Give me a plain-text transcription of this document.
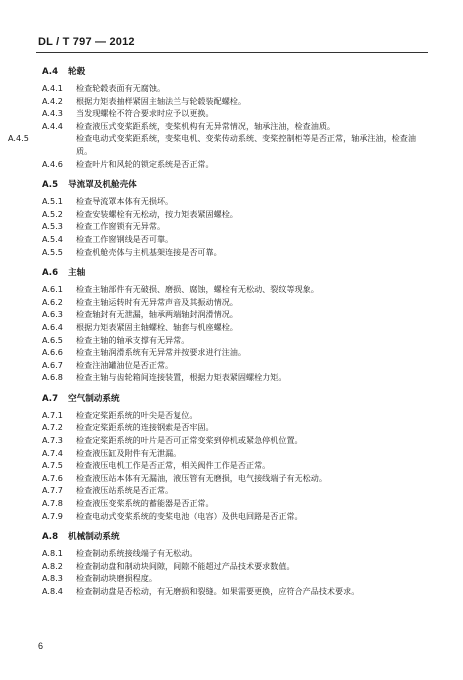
DL / T 797 — 2012
A.4 轮毂
A.4.1 检查轮毂表面有无腐蚀。
A.4.2 根据力矩表抽样紧固主轴法兰与轮毂装配螺栓。
A.4.3 当发现螺栓不符合要求时应予以更换。
A.4.4 检查液压式变桨距系统，变桨机构有无异常情况，轴承注油，检查油质。
A.4.5	检查电动式变桨距系统，变桨电机、变桨传动系统、变桨控制柜等是否正常，轴承注油，检查油质。
A.4.6 检查叶片和风轮的锁定系统是否正常。
A.5 导流罩及机舱壳体
A.5.1 检查导流罩本体有无损坏。
A.5.2 检查安装螺栓有无松动，按力矩表紧固螺栓。
A.5.3 检查工作窗锁有无异常。
A.5.4 检查工作窗钢线是否可靠。
A.5.5 检查机舱壳体与主机基架连接是否可靠。
A.6 主轴
A.6.1 检查主轴部件有无破损、磨损、腐蚀，螺栓有无松动、裂纹等现象。
A.6.2 检查主轴运转时有无异常声音及其振动情况。
A.6.3 检查轴封有无泄漏，轴承两端轴封润滑情况。
A.6.4 根据力矩表紧固主轴螺栓、轴套与机座螺栓。
A.6.5 检查主轴的轴承支撑有无异常。
A.6.6 检查主轴润滑系统有无异常并按要求进行注油。
A.6.7 检查注油罐油位是否正常。
A.6.8 检查主轴与齿轮箱间连接装置，根据力矩表紧固螺栓力矩。
A.7 空气制动系统
A.7.1 检查定桨距系统的叶尖是否复位。
A.7.2 检查定桨距系统的连接钢索是否牢固。
A.7.3 检查定桨距系统的叶片是否可正常变桨到停机或紧急停机位置。
A.7.4 检查液压缸及附件有无泄漏。
A.7.5 检查液压电机工作是否正常，相关阀件工作是否正常。
A.7.6 检查液压站本体有无漏油，液压管有无磨损，电气接线端子有无松动。
A.7.7 检查液压站系统是否正常。
A.7.8 检查液压变桨系统的蓄能器是否正常。
A.7.9 检查电动式变桨系统的变桨电池（电容）及供电回路是否正常。
A.8 机械制动系统
A.8.1 检查制动系统接线端子有无松动。
A.8.2 检查制动盘和制动块间隙，间隙不能超过产品技术要求数值。
A.8.3 检查制动块磨损程度。
A.8.4 检查制动盘是否松动，有无磨损和裂缝。如果需要更换，应符合产品技术要求。
6
